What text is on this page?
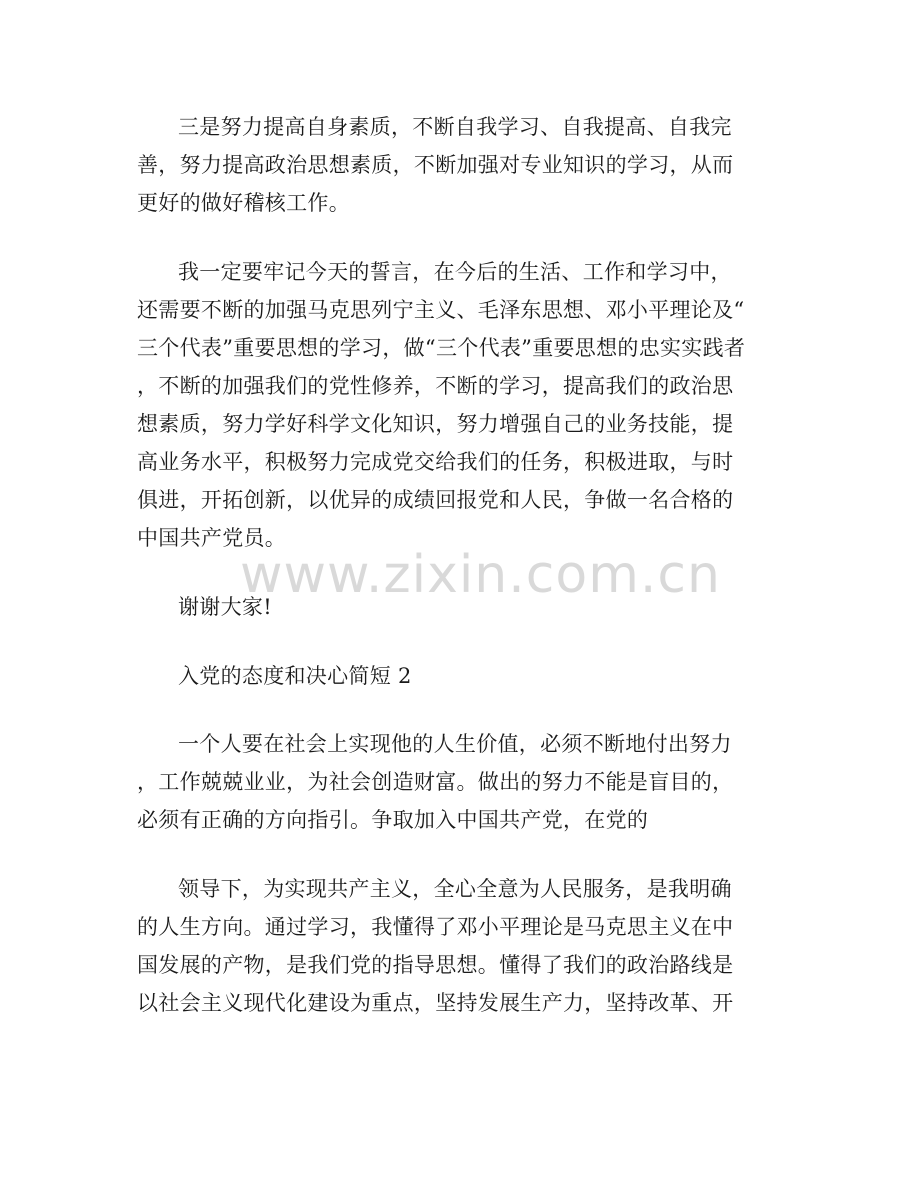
www.zixin.com.cn
三是努力提高自身素质，不断自我学习、自我提高、自我完
善，努力提高政治思想素质，不断加强对专业知识的学习，从而
更好的做好稽核工作。
我一定要牢记今天的誓言，在今后的生活、工作和学习中，
还需要不断的加强马克思列宁主义、毛泽东思想、邓小平理论及“
三个代表”重要思想的学习，做“三个代表”重要思想的忠实实践者
，不断的加强我们的党性修养，不断的学习，提高我们的政治思
想素质，努力学好科学文化知识，努力增强自己的业务技能，提
高业务水平，积极努力完成党交给我们的任务，积极进取，与时
俱进，开拓创新，以优异的成绩回报党和人民，争做一名合格的
中国共产党员。
谢谢大家!
入党的态度和决心简短 2
一个人要在社会上实现他的人生价值，必须不断地付出努力
，工作兢兢业业，为社会创造财富。做出的努力不能是盲目的，
必须有正确的方向指引。争取加入中国共产党，在党的
领导下，为实现共产主义，全心全意为人民服务，是我明确
的人生方向。通过学习，我懂得了邓小平理论是马克思主义在中
国发展的产物，是我们党的指导思想。懂得了我们的政治路线是
以社会主义现代化建设为重点，坚持发展生产力，坚持改革、开
